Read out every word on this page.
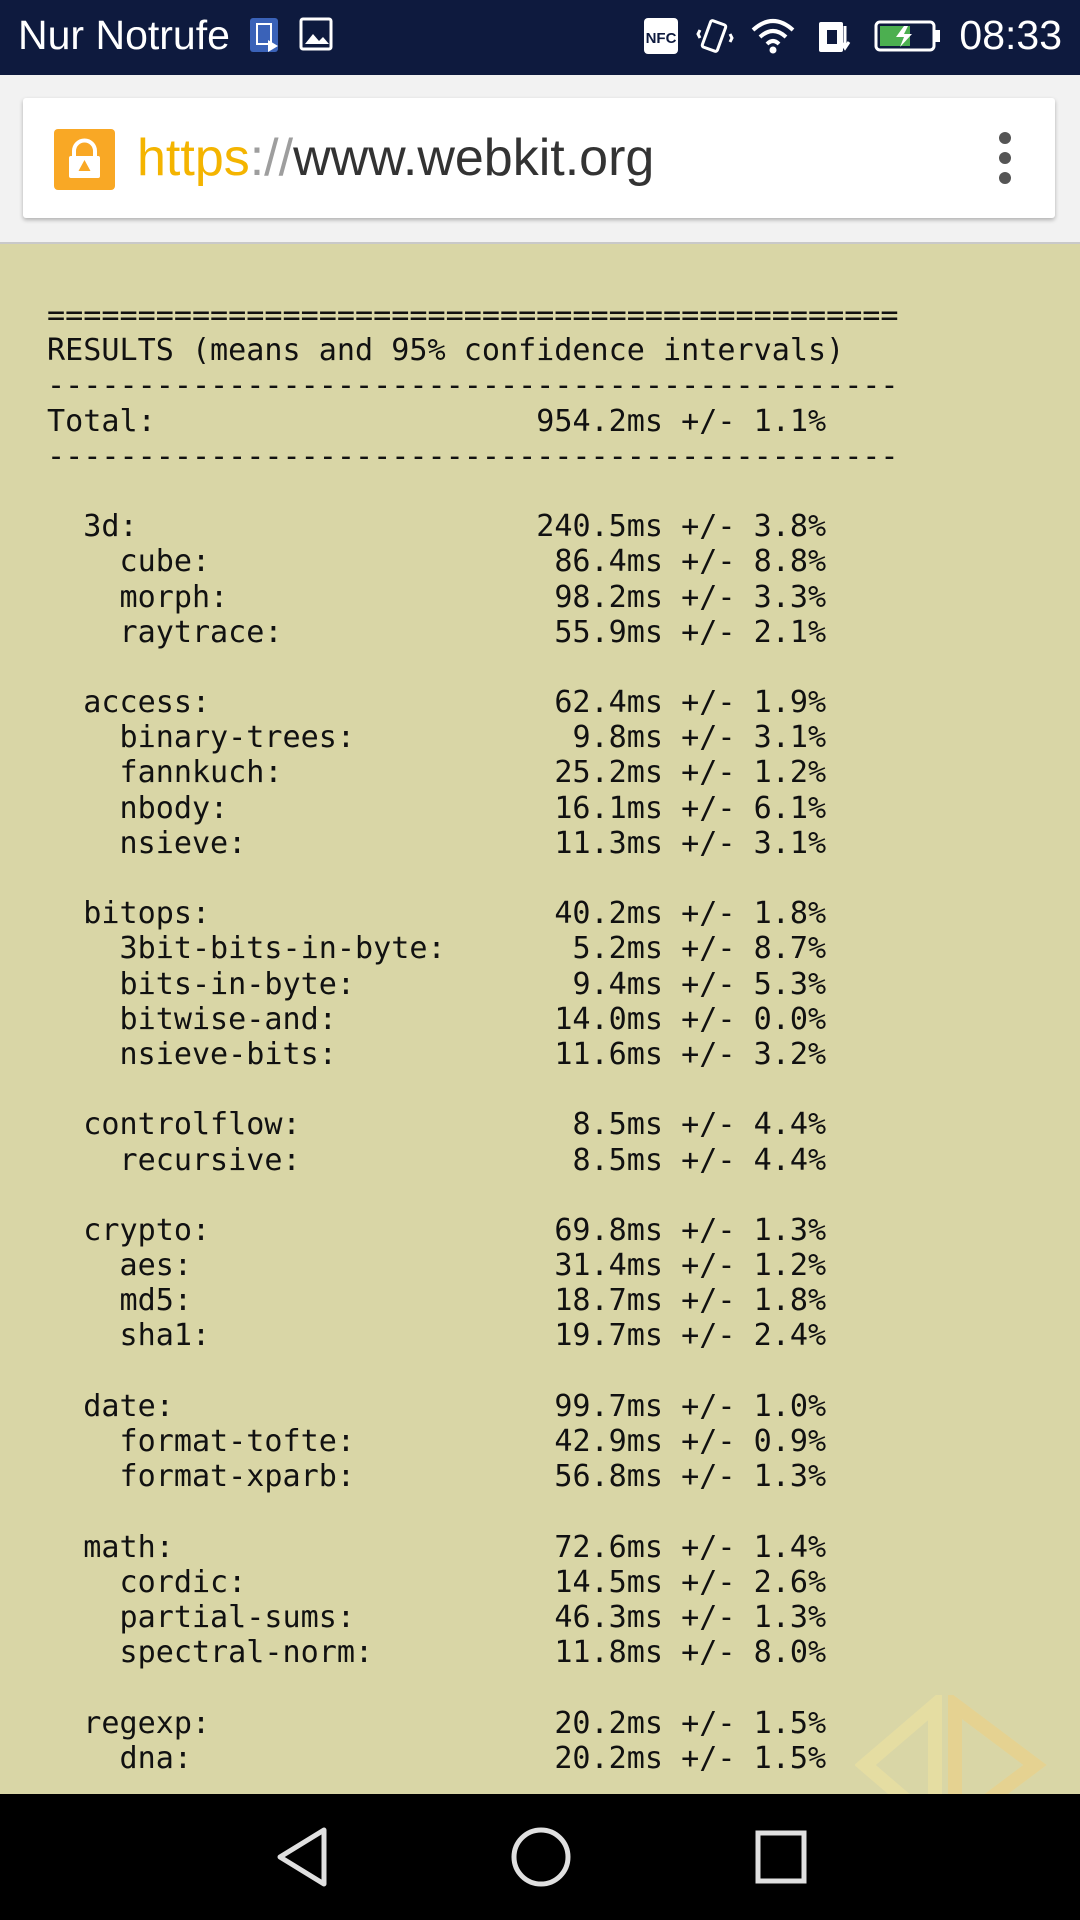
Nur Notrufe	NFC	08:33
https://www.webkit.org
===============================================
RESULTS (means and 95% confidence intervals)
-----------------------------------------------
Total:	954.2ms +/- 1.1%
-----------------------------------------------
3d:	240.5ms +/- 3.8%
cube:	86.4ms +/- 8.8%
morph:	98.2ms +/- 3.3%
raytrace:	55.9ms +/- 2.1%
access:	62.4ms +/- 1.9%
binary-trees:	9.8ms +/- 3.1%
fannkuch:	25.2ms +/- 1.2%
nbody:	16.1ms +/- 6.1%
nsieve:	11.3ms +/- 3.1%
bitops:	40.2ms +/- 1.8%
3bit-bits-in-byte:	5.2ms +/- 8.7%
bits-in-byte:	9.4ms +/- 5.3%
bitwise-and:	14.0ms +/- 0.0%
nsieve-bits:	11.6ms +/- 3.2%
controlflow:	8.5ms +/- 4.4%
recursive:	8.5ms +/- 4.4%
crypto:	69.8ms +/- 1.3%
aes:	31.4ms +/- 1.2%
md5:	18.7ms +/- 1.8%
sha1:	19.7ms +/- 2.4%
date:	99.7ms +/- 1.0%
format-tofte:	42.9ms +/- 0.9%
format-xparb:	56.8ms +/- 1.3%
math:	72.6ms +/- 1.4%
cordic:	14.5ms +/- 2.6%
partial-sums:	46.3ms +/- 1.3%
spectral-norm:	11.8ms +/- 8.0%
regexp:	20.2ms +/- 1.5%
dna:	20.2ms +/- 1.5%
